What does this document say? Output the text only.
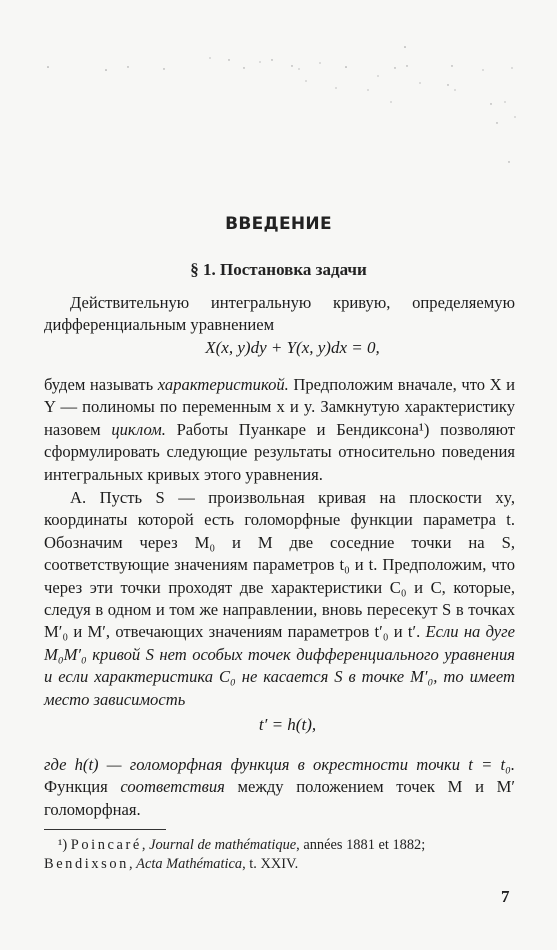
ВВЕДЕНИЕ
§ 1. Постановка задачи
Действительную интегральную кривую, определяемую дифференциальным уравнением
X(x, y)dy + Y(x, y)dx = 0,
будем называть характеристикой. Предположим вначале, что X и Y — полиномы по переменным x и y. Замкнутую характеристику назовем циклом. Работы Пуанкаре и Бендиксона¹) позволяют сформулировать следующие результаты относительно поведения интегральных кривых этого уравнения.
А. Пусть S — произвольная кривая на плоскости xy, координаты которой есть голоморфные функции параметра t. Обозначим через M₀ и M две соседние точки на S, соответствующие значениям параметров t₀ и t. Предположим, что через эти точки проходят две характеристики C₀ и C, которые, следуя в одном и том же направлении, вновь пересекут S в точках M′₀ и M′, отвечающих значениям параметров t′₀ и t′. Если на дуге M₀M′₀ кривой S нет особых точек дифференциального уравнения и если характеристика C₀ не касается S в точке M′₀, то имеет место зависимость
t′ = h(t),
где h(t) — голоморфная функция в окрестности точки t = t₀. Функция соответствия между положением точек M и M′ голоморфная.
¹) Poincaré, Journal de mathématique, années 1881 et 1882;
Bendixson, Acta Mathématica, t. XXIV.
7
